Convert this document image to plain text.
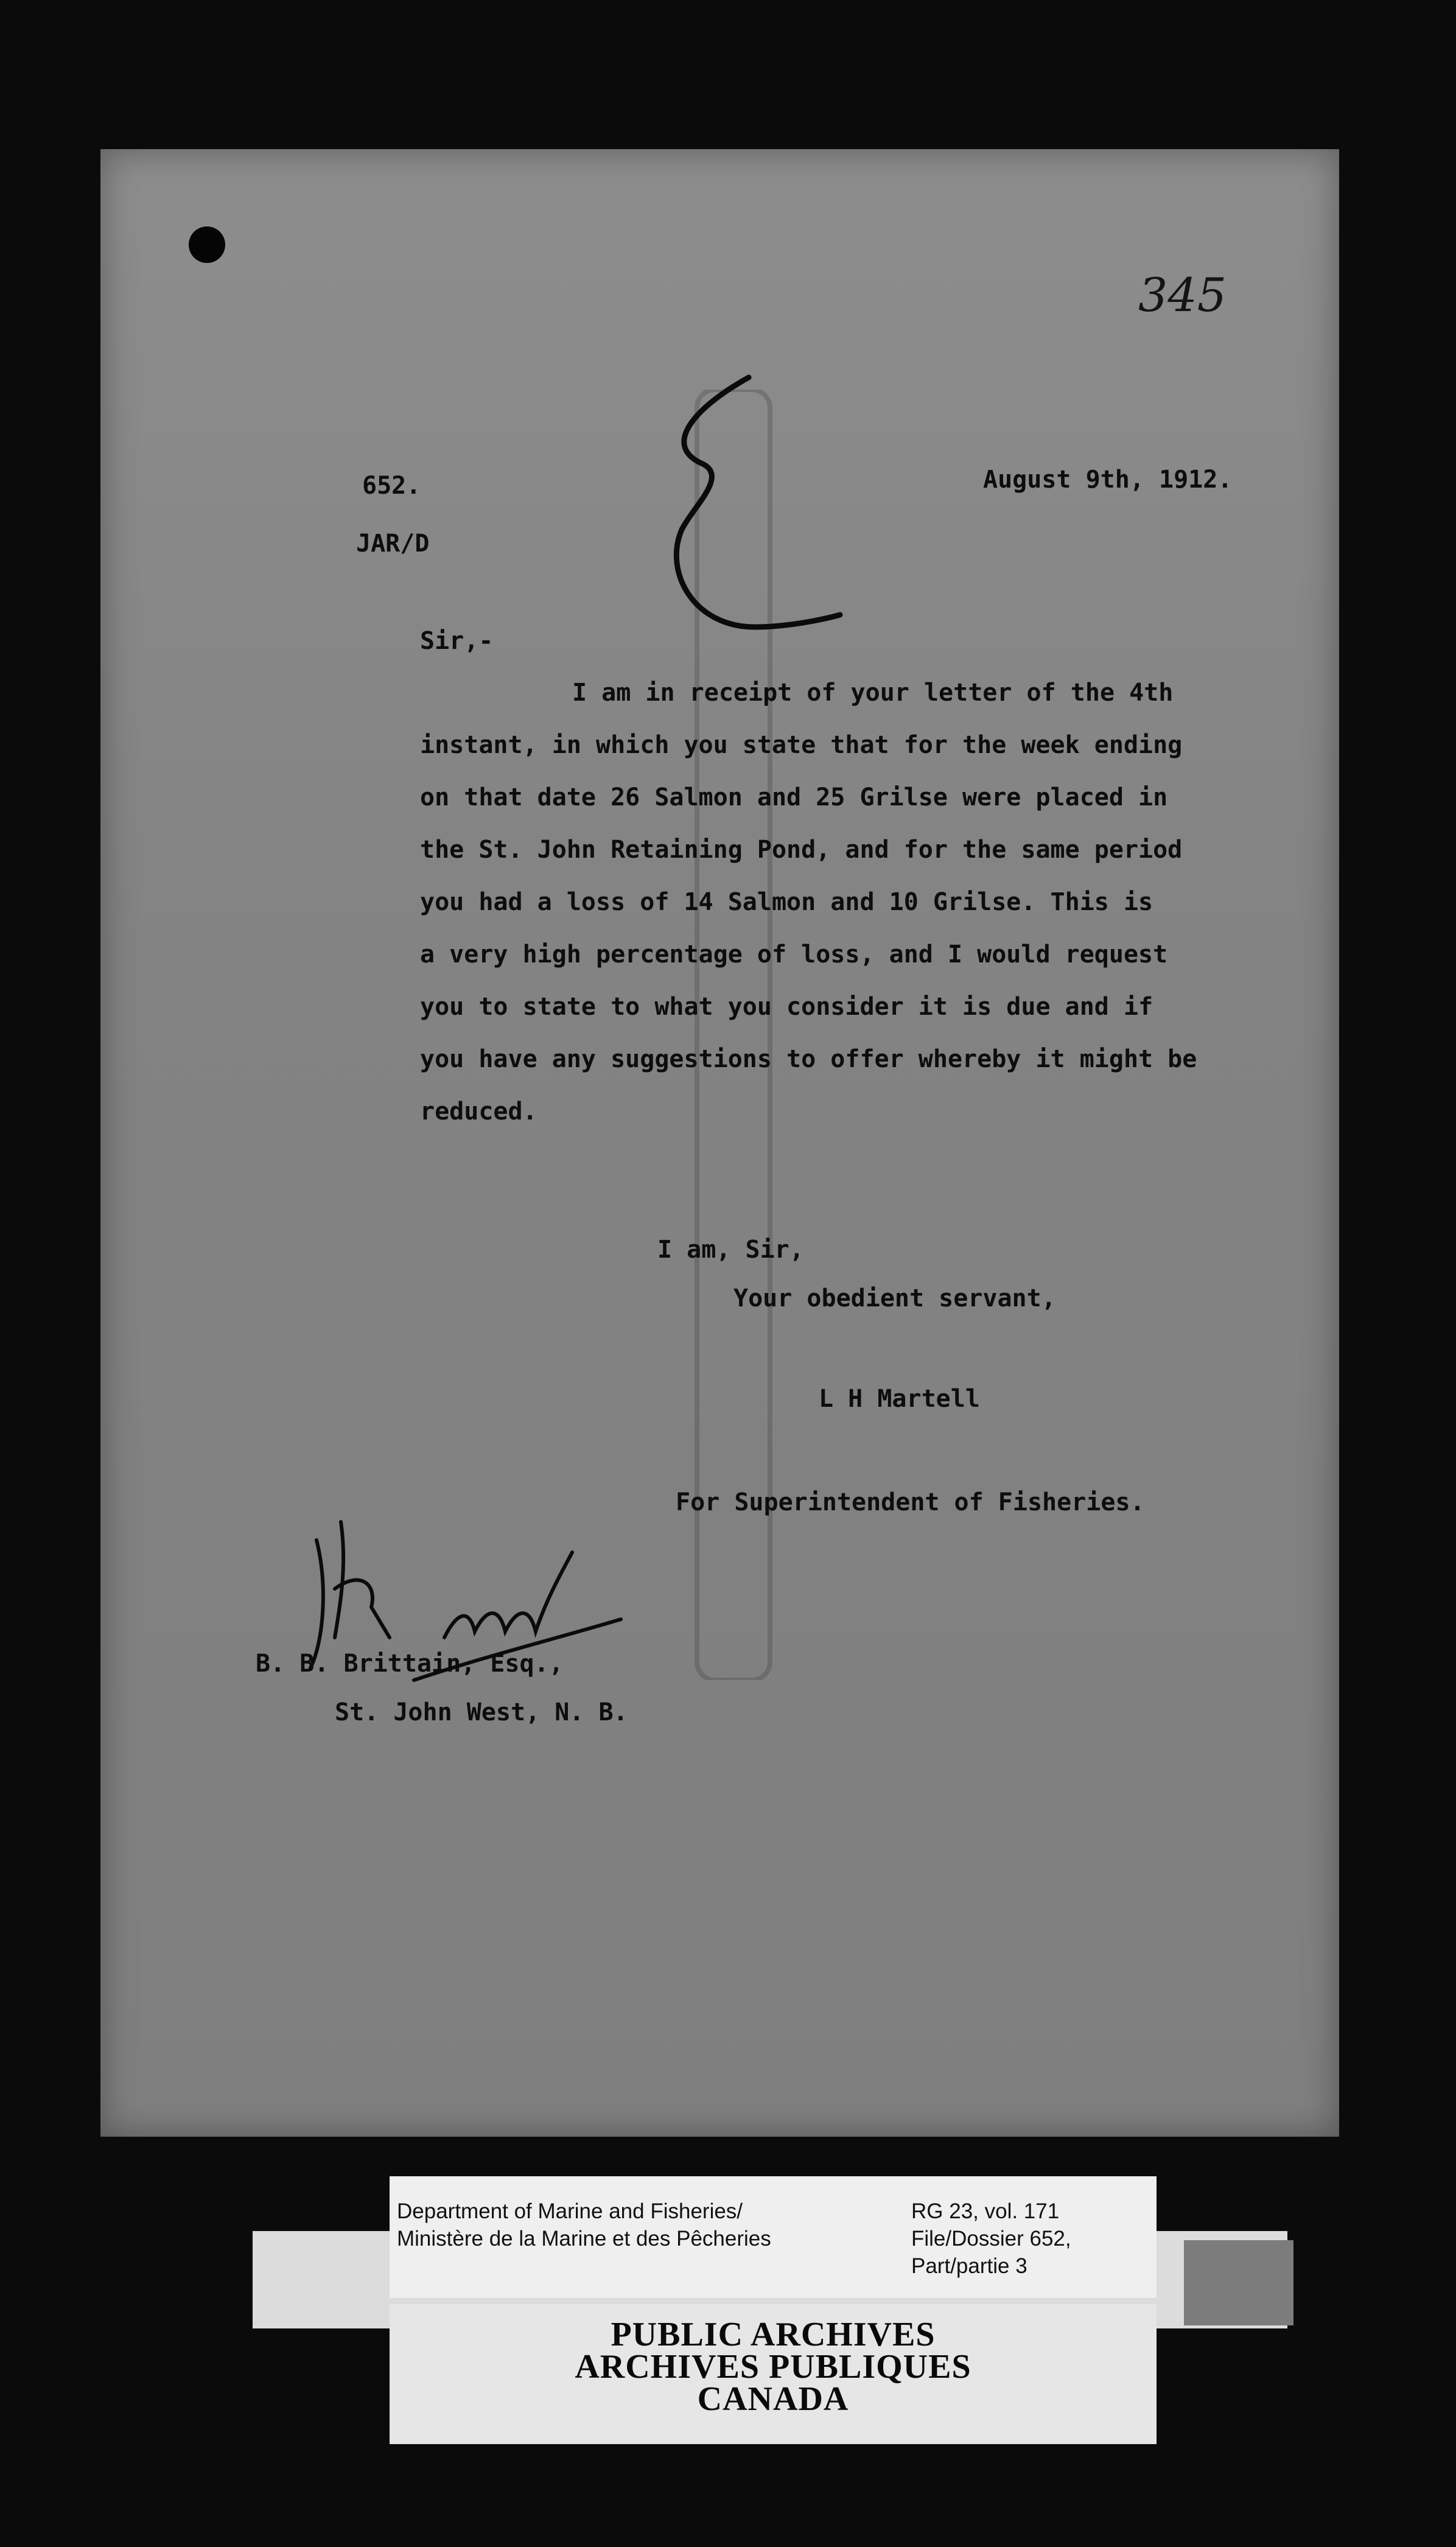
345
652.
JAR/D
August 9th, 1912.
Sir,-
I am in receipt of your letter of the 4th
instant, in which you state that for the week ending
on that date 26 Salmon and 25 Grilse were placed in
the St. John Retaining Pond, and for the same period
you had a loss of 14 Salmon and 10 Grilse. This is
a very high percentage of loss, and I would request
you to state to what you consider it is due and if
you have any suggestions to offer whereby it might be
reduced.
I am, Sir,
Your obedient servant,
L H Martell
For Superintendent of Fisheries.
B. B. Brittain, Esq.,
St. John West, N. B.
Department of Marine and Fisheries/
Ministère de la Marine et des Pêcheries
RG 23, vol. 171
File/Dossier 652,
Part/partie 3
PUBLIC ARCHIVES
ARCHIVES PUBLIQUES
CANADA
